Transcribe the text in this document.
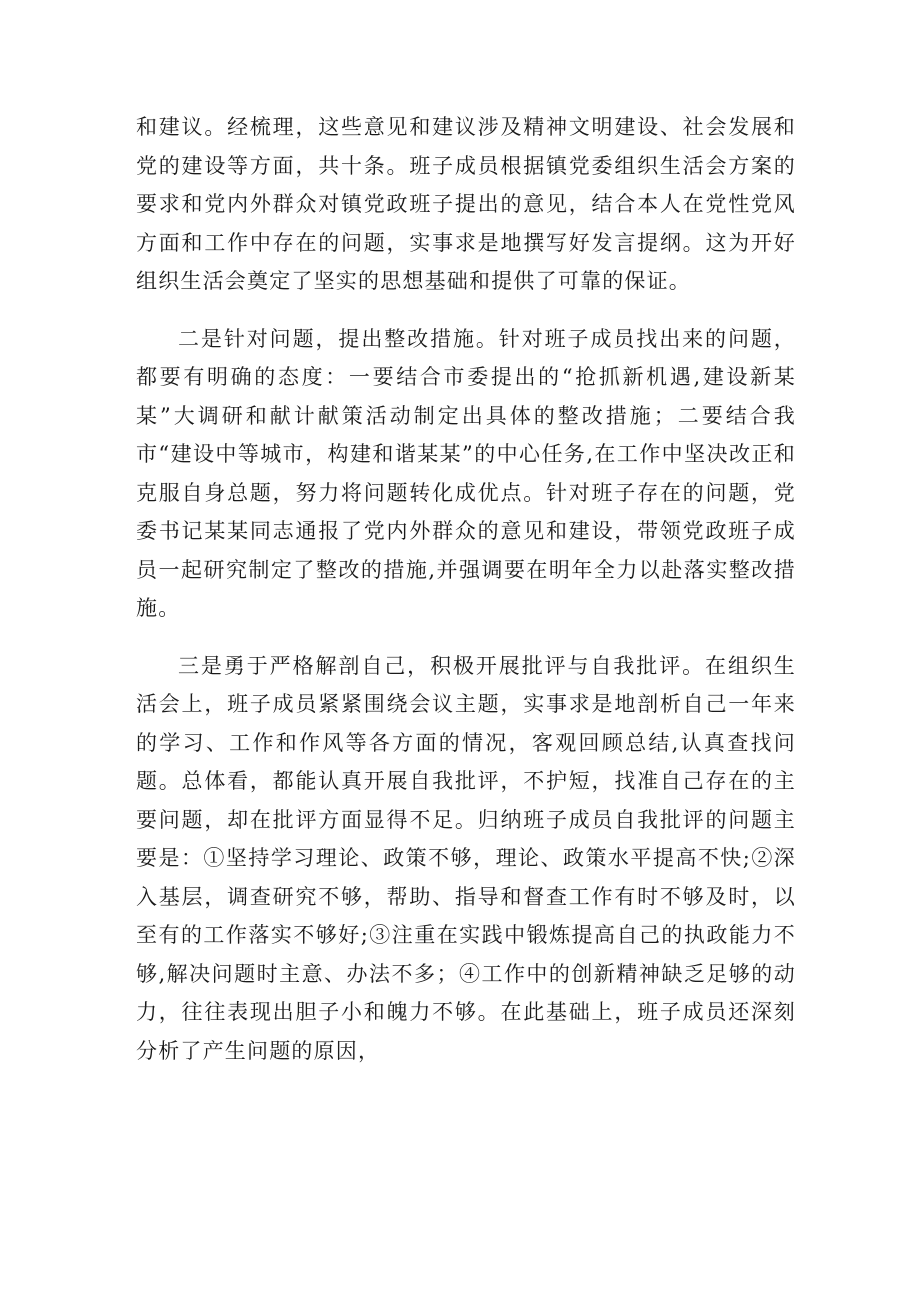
和建议。经梳理，这些意见和建议涉及精神文明建设、社会发展和党的建设等方面，共十条。班子成员根据镇党委组织生活会方案的要求和党内外群众对镇党政班子提出的意见，结合本人在党性党风方面和工作中存在的问题，实事求是地撰写好发言提纲。这为开好组织生活会奠定了坚实的思想基础和提供了可靠的保证。

二是针对问题，提出整改措施。针对班子成员找出来的问题，都要有明确的态度：一要结合市委提出的“抢抓新机遇,建设新某某”大调研和献计献策活动制定出具体的整改措施；二要结合我市“建设中等城市，构建和谐某某”的中心任务,在工作中坚决改正和克服自身总题，努力将问题转化成优点。针对班子存在的问题，党委书记某某同志通报了党内外群众的意见和建设，带领党政班子成员一起研究制定了整改的措施,并强调要在明年全力以赴落实整改措施。

三是勇于严格解剖自己，积极开展批评与自我批评。在组织生活会上，班子成员紧紧围绕会议主题，实事求是地剖析自己一年来的学习、工作和作风等各方面的情况，客观回顾总结,认真查找问题。总体看，都能认真开展自我批评，不护短，找准自己存在的主要问题，却在批评方面显得不足。归纳班子成员自我批评的问题主要是：①坚持学习理论、政策不够，理论、政策水平提高不快;②深入基层，调查研究不够，帮助、指导和督查工作有时不够及时，以至有的工作落实不够好;③注重在实践中锻炼提高自己的执政能力不够,解决问题时主意、办法不多；④工作中的创新精神缺乏足够的动力，往往表现出胆子小和魄力不够。在此基础上，班子成员还深刻分析了产生问题的原因，
